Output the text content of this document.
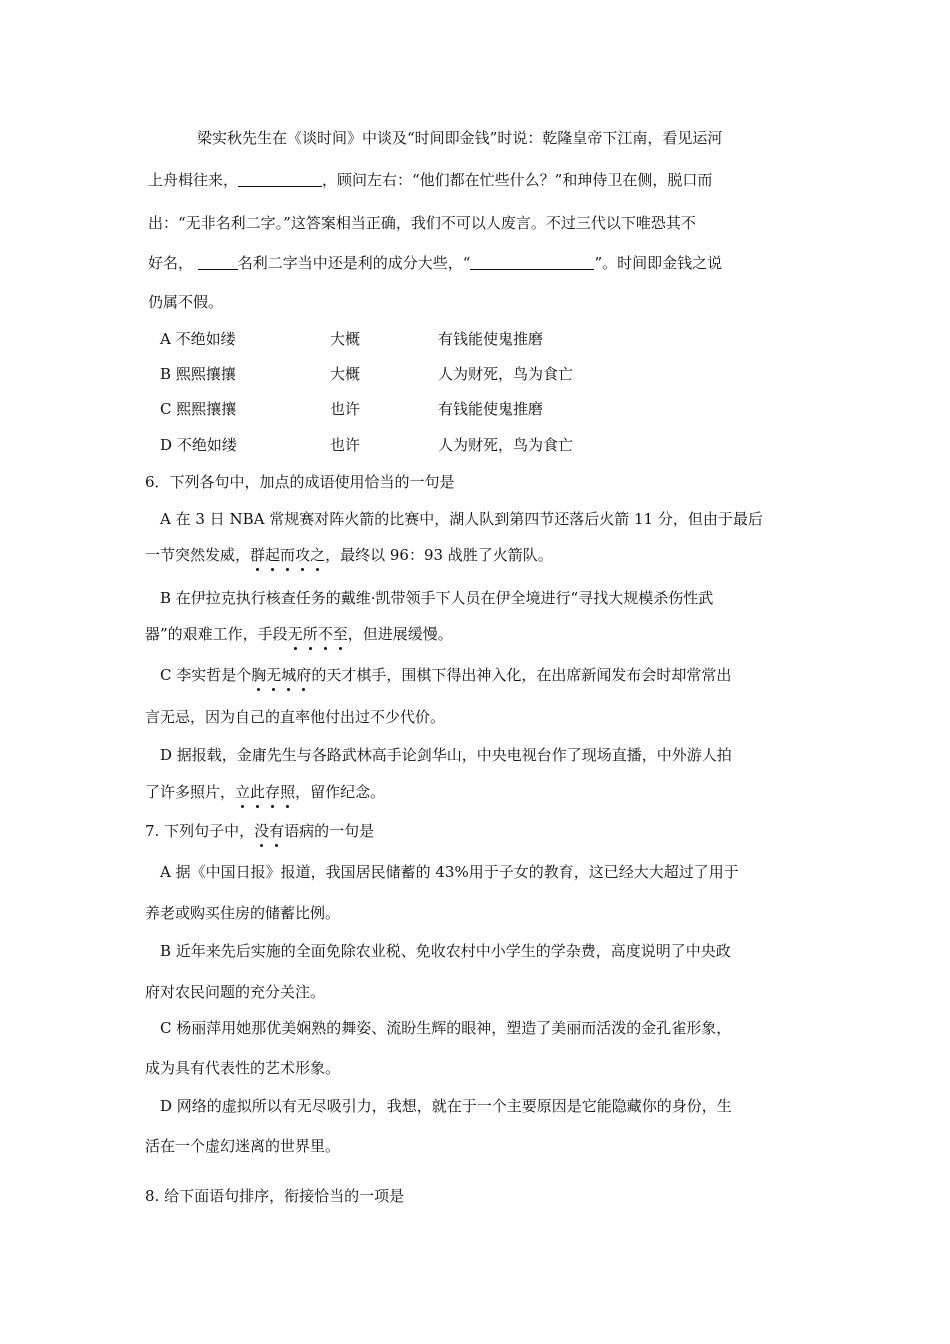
梁实秋先生在《谈时间》中谈及“时间即金钱”时说：乾隆皇帝下江南，看见运河
上舟楫往来，	，顾问左右：“他们都在忙些什么？”和珅侍卫在侧，脱口而
出：“无非名利二字。”这答案相当正确，我们不可以人废言。不过三代以下唯恐其不
好名，	名利二字当中还是利的成分大些，“	”。时间即金钱之说
仍属不假。
A 不绝如缕	大概	有钱能使鬼推磨
B 熙熙攘攘	大概	人为财死，鸟为食亡
C 熙熙攘攘	也许	有钱能使鬼推磨
D 不绝如缕	也许	人为财死，鸟为食亡
6．下列各句中，加点的成语使用恰当的一句是
A 在 3 日 NBA 常规赛对阵火箭的比赛中，湖人队到第四节还落后火箭 11 分，但由于最后
一节突然发威，群起而攻之，最终以 96：93 战胜了火箭队。
B 在伊拉克执行核查任务的戴维·凯带领手下人员在伊全境进行“寻找大规模杀伤性武
器”的艰难工作，手段无所不至，但进展缓慢。
C 李实哲是个胸无城府的天才棋手，围棋下得出神入化，在出席新闻发布会时却常常出
言无忌，因为自己的直率他付出过不少代价。
D 据报载，金庸先生与各路武林高手论剑华山，中央电视台作了现场直播，中外游人拍
了许多照片，立此存照，留作纪念。
7. 下列句子中，没有语病的一句是
A 据《中国日报》报道，我国居民储蓄的 43%用于子女的教育，这已经大大超过了用于
养老或购买住房的储蓄比例。
B 近年来先后实施的全面免除农业税、免收农村中小学生的学杂费，高度说明了中央政
府对农民问题的充分关注。
C 杨丽萍用她那优美娴熟的舞姿、流盼生辉的眼神，塑造了美丽而活泼的金孔雀形象，
成为具有代表性的艺术形象。
D 网络的虚拟所以有无尽吸引力，我想，就在于一个主要原因是它能隐藏你的身份，生
活在一个虚幻迷离的世界里。
8. 给下面语句排序，衔接恰当的一项是
